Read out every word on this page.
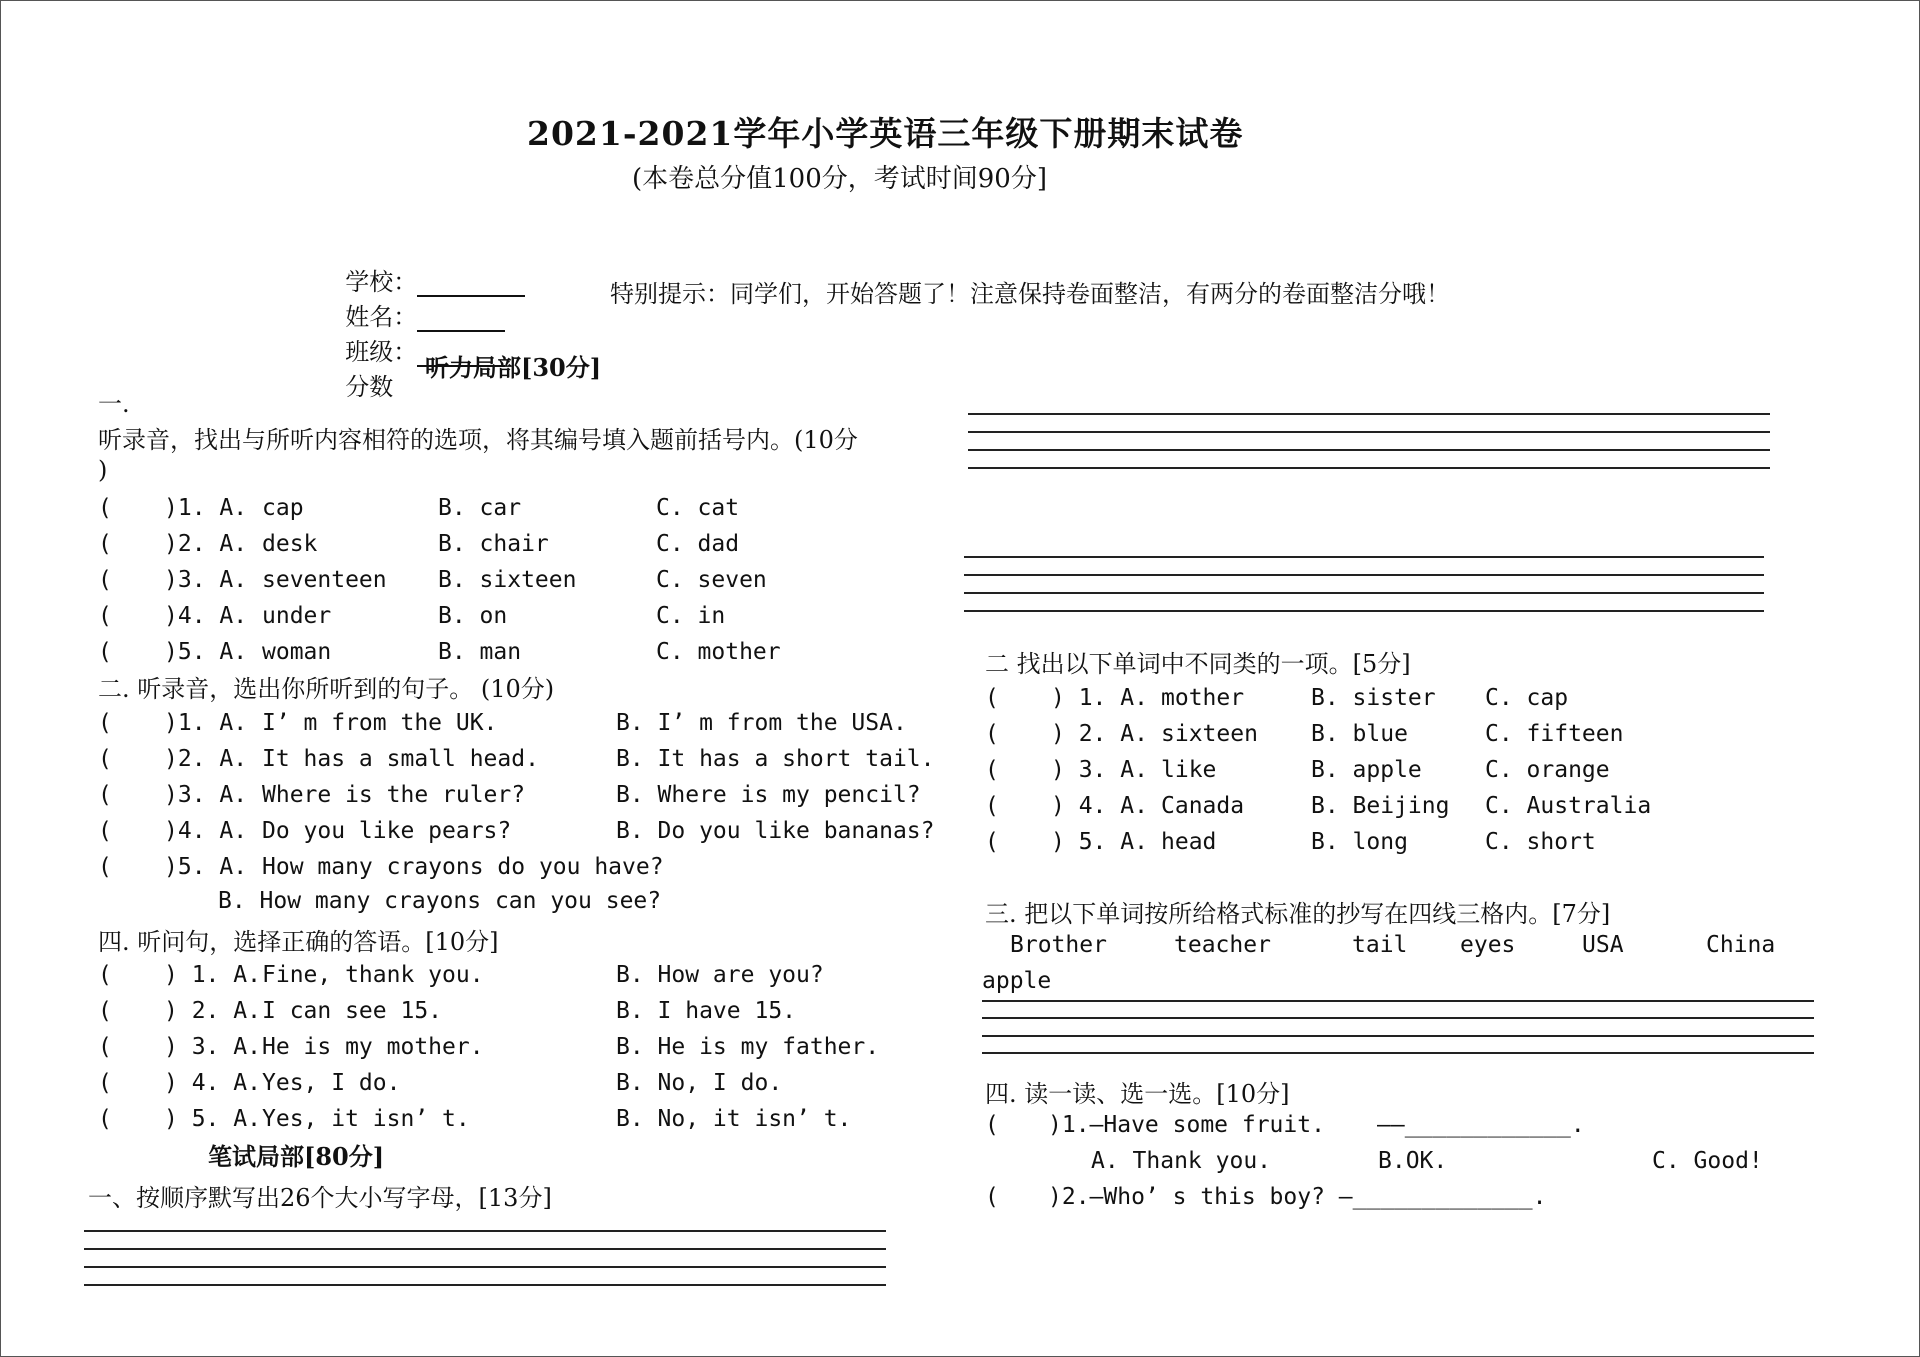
2021-2021学年小学英语三年级下册期末试卷
(本卷总分值100分，考试时间90分]

学校：
姓名：
班级：
分数

特别提示：同学们，开始答题了！注意保持卷面整洁，有两分的卷面整洁分哦！
听力局部[30分]
一.
听录音，找出与所听内容相符的选项，将其编号填入题前括号内。(10分
)
( )1. A. cap	B. car	C. cat
( )2. A. desk	B. chair	C. dad
( )3. A. seventeen B. sixteen	C. seven
( )4. A. under	B. on	C. in
( )5. A. woman	B. man	C. mother
二. 听录音，选出你所听到的句子。 (10分)
( )1. A. I’ m from the UK.	B. I’ m from the USA.
( )2. A. It has a small head.	B. It has a short tail.
( )3. A. Where is the ruler?	B. Where is my pencil?
( )4. A. Do you like pears?	B. Do you like bananas?
( )5. A. How many crayons do you have?
B. How many crayons can you see?
四. 听问句，选择正确的答语。[10分]
( ) 1. A. Fine, thank you.	B. How are you?
( ) 2. A. I can see 15.	B. I have 15.
( ) 3. A. He is my mother.	B. He is my father.
( ) 4. A. Yes, I do.	B. No, I do.
( ) 5. A. Yes, it isn’ t.	B. No, it isn’ t.
笔试局部[80分]
一、按顺序默写出26个大小写字母，[13分]
二 找出以下单词中不同类的一项。[5分]
( ) 1. A. mother	B. sister C. cap
( ) 2. A. sixteen B. blue	C. fifteen
( ) 3. A. like	B. apple	C. orange
( ) 4. A. Canada	B. Beijing C. Australia
( ) 5. A. head	B. long	C. short
三. 把以下单词按所给格式标准的抄写在四线三格内。[7分]
Brother	teacher	tail eyes	USA	China
apple
四. 读一读、选一选。[10分]

(

)1.—Have some fruit.

——____________.

A. Thank you.

	B.OK.

	C. Good!

(

)2.—Who’ s this boy? —_____________.
